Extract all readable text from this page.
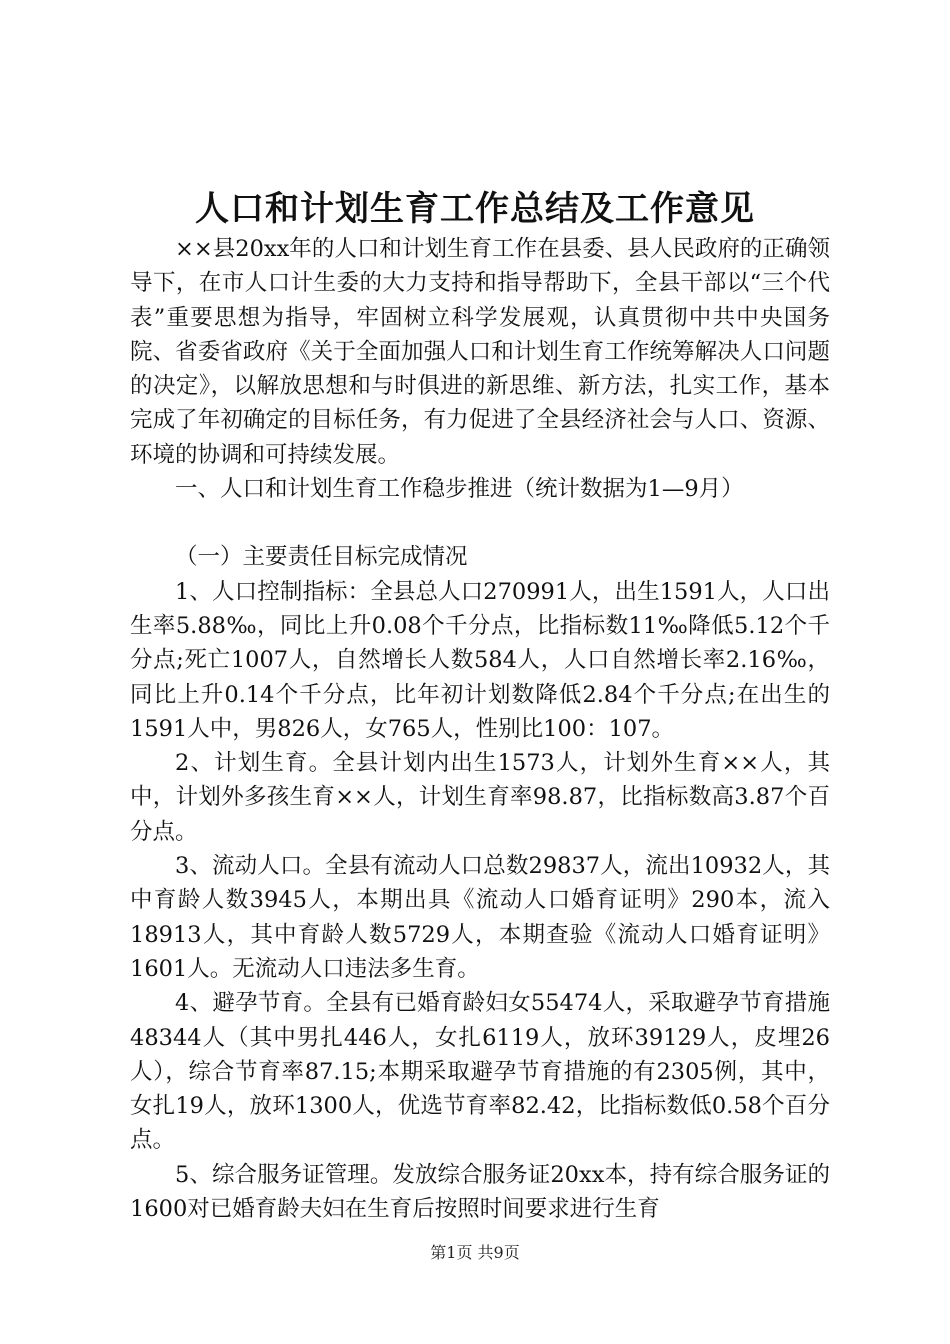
人口和计划生育工作总结及工作意见

××县20xx年的人口和计划生育工作在县委、县人民政府的正确领导下，在市人口计生委的大力支持和指导帮助下，全县干部以“三个代表”重要思想为指导，牢固树立科学发展观，认真贯彻中共中央国务院、省委省政府《关于全面加强人口和计划生育工作统筹解决人口问题的决定》，以解放思想和与时俱进的新思维、新方法，扎实工作，基本完成了年初确定的目标任务，有力促进了全县经济社会与人口、资源、环境的协调和可持续发展。

一、人口和计划生育工作稳步推进（统计数据为1—9月）

（一）主要责任目标完成情况

1、人口控制指标：全县总人口270991人，出生1591人，人口出生率5.88‰，同比上升0.08个千分点，比指标数11‰降低5.12个千分点;死亡1007人，自然增长人数584人，人口自然增长率2.16‰，同比上升0.14个千分点，比年初计划数降低2.84个千分点;在出生的1591人中，男826人，女765人，性别比100：107。

2、计划生育。全县计划内出生1573人，计划外生育××人，其中，计划外多孩生育××人，计划生育率98.87，比指标数高3.87个百分点。

3、流动人口。全县有流动人口总数29837人，流出10932人，其中育龄人数3945人，本期出具《流动人口婚育证明》290本，流入18913人，其中育龄人数5729人，本期查验《流动人口婚育证明》1601人。无流动人口违法多生育。

4、避孕节育。全县有已婚育龄妇女55474人，采取避孕节育措施48344人（其中男扎446人，女扎6119人，放环39129人，皮埋26人），综合节育率87.15;本期采取避孕节育措施的有2305例，其中，女扎19人，放环1300人，优选节育率82.42，比指标数低0.58个百分点。

5、综合服务证管理。发放综合服务证20xx本，持有综合服务证的1600对已婚育龄夫妇在生育后按照时间要求进行生育

第1页 共9页
